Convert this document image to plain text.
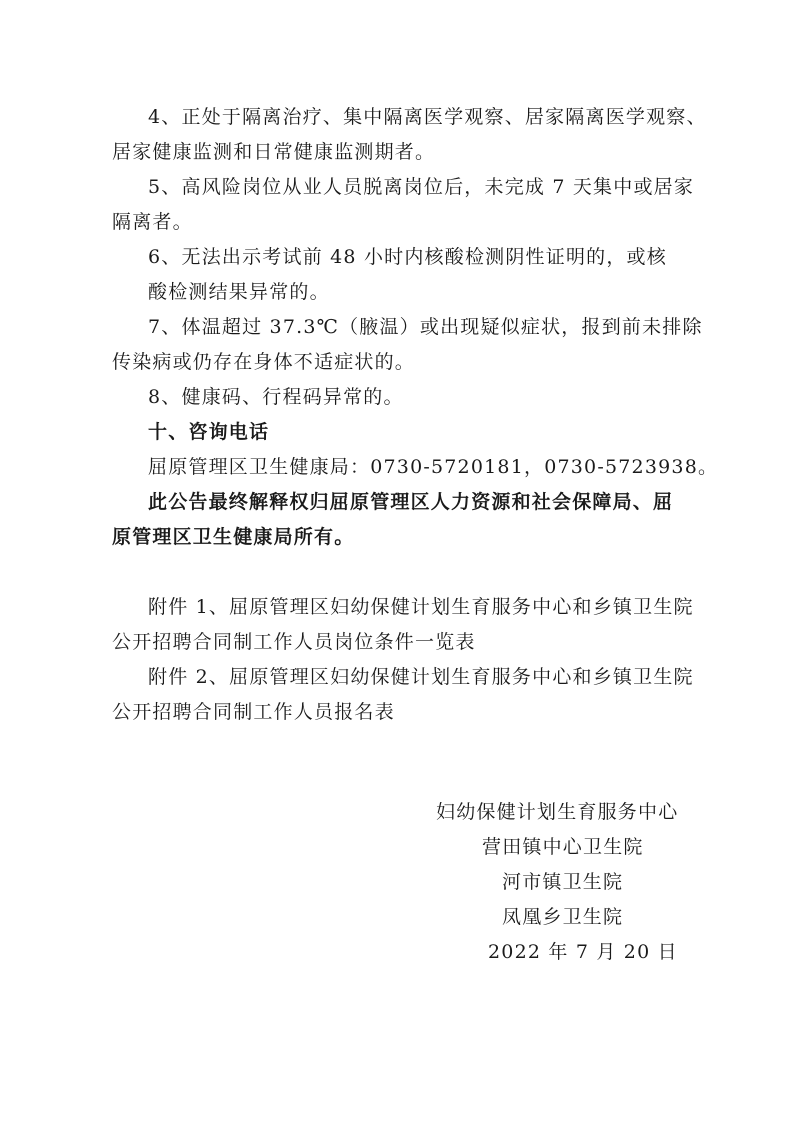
4、正处于隔离治疗、集中隔离医学观察、居家隔离医学观察、
居家健康监测和日常健康监测期者。
5、高风险岗位从业人员脱离岗位后，未完成 7 天集中或居家
隔离者。
6、无法出示考试前 48 小时内核酸检测阴性证明的，或核
酸检测结果异常的。
7、体温超过 37.3℃（腋温）或出现疑似症状，报到前未排除
传染病或仍存在身体不适症状的。
8、健康码、行程码异常的。
十、咨询电话
屈原管理区卫生健康局：0730-5720181，0730-5723938。
此公告最终解释权归屈原管理区人力资源和社会保障局、屈
原管理区卫生健康局所有。
附件 1、屈原管理区妇幼保健计划生育服务中心和乡镇卫生院
公开招聘合同制工作人员岗位条件一览表
附件 2、屈原管理区妇幼保健计划生育服务中心和乡镇卫生院
公开招聘合同制工作人员报名表
妇幼保健计划生育服务中心
营田镇中心卫生院
河市镇卫生院
凤凰乡卫生院
2022 年 7 月 20 日
